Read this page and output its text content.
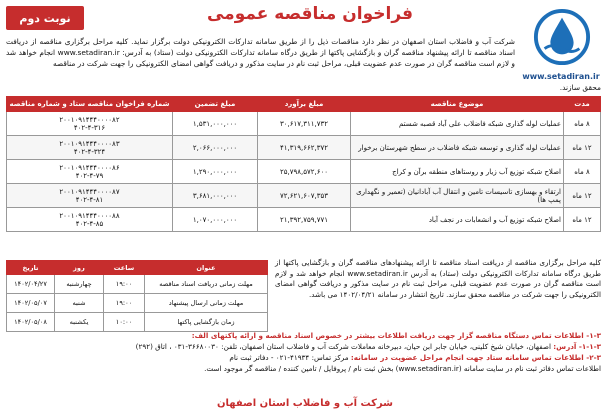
نوبت دوم	فراخوان مناقصه عمومی
www.setadiran.ir
شرکت آب و فاضلاب استان اصفهان در نظر دارد مناقصات ذیل را از طریق سامانه تدارکات الکترونیکی دولت برگزار نماید. کلیه مراحل برگزاری مناقصه از دریافت اسناد مناقصه تا ارائه پیشنهاد مناقصه گران و بازگشایی پاکتها از طریق درگاه سامانه تدارکات الکترونیکی دولت (ستاد) به آدرس: www.setadiran.ir انجام خواهد شد و لازم است مناقصه گران در صورت عدم عضویت قبلی، مراحل ثبت نام در سایت مذکور و دریافت گواهی امضای الکترونیکی را جهت شرکت در مناقصه
محقق سازند.
مدت	موضوع مناقصه	مبلغ برآورد	مبلغ تضمین	شماره فراخوان مناقصه ستاد و شماره مناقصه
۸ ماه	عملیات لوله گذاری شبکه فاضلاب علی آباد قصبه شستم	۳۰,۶۱۷,۳۱۱,۷۳۲	۱,۵۳۱,۰۰۰,۰۰۰	۲۰۰۱۰۹۱۴۴۴۰۰۰۰۸۲
۴۰۲-۴-۳۱۶

۱۲ ماه	عملیات لوله گذاری و توسعه شبکه فاضلاب در سطح شهرستان برخوار	۴۱,۳۱۹,۶۶۲,۳۷۲	۲,۰۶۶,۰۰۰,۰۰۰	۲۰۰۱۰۹۱۴۴۴۰۰۰۰۸۳
۴۰۲-۴-۳۲۴

۸ ماه	اصلاح شبکه توزیع آب زیار و روستاهای منطقه برآن و کراج	۲۵,۷۹۸,۵۷۲,۶۰۰	۱,۲۹۰,۰۰۰,۰۰۰	۲۰۰۱۰۹۱۴۴۴۰۰۰۰۸۶
۴۰۲-۴-۷۹

۱۲ ماه	ارتقاء و بهسازی تاسیسات تامین و انتقال آب آبادانیان (تعمیر و نگهداری پمپ ها)	۷۲,۶۲۱,۶۰۷,۳۵۳	۳,۶۸۱,۰۰۰,۰۰۰	۲۰۰۱۰۹۱۴۴۴۰۰۰۰۸۷
۴۰۲-۴-۸۱

۱۲ ماه	اصلاح شبکه توزیع آب و انشعابات در نجف آباد	۲۱,۳۹۲,۷۵۹,۷۷۱	۱,۰۷۰,۰۰۰,۰۰۰	۲۰۰۱۰۹۱۴۴۴۰۰۰۰۸۸
۴۰۲-۴-۸۵
کلیه مراحل برگزاری مناقصه از دریافت اسناد مناقصه تا ارائه پیشنهادهای مناقصه گران و بازگشایی پاکتها از طریق درگاه سامانه تدارکات الکترونیکی دولت (ستاد) به آدرس www.setadiran.ir انجام خواهد شد و لازم است مناقصه گران در صورت عدم عضویت قبلی، مراحل ثبت نام در سایت مذکور و دریافت گواهی امضای الکترونیکی را جهت شرکت در مناقصه محقق سازند. تاریخ انتشار در سامانه ۱۴۰۲/۰۴/۲۱ می باشد.
عنوان	ساعت	روز	تاریخ
مهلت زمانی دریافت اسناد مناقصه	۱۹:۰۰	چهارشنبه	۱۴۰۲/۰۴/۲۷
مهلت زمانی ارسال پیشنهاد	۱۹:۰۰	شنبه	۱۴۰۲/۰۵/۰۷
زمان بازگشایی پاکتها	۱۰:۰۰	یکشنبه	۱۴۰۲/۰۵/۰۸
۱-۳- اطلاعات تماس دستگاه مناقصه گزار جهت دریافت اطلاعات بیشتر در خصوص اسناد مناقصه و ارائه پاکتهای الف:
۱-۱-۳- آدرس: اصفهان، خیابان شیخ کلینی، خیابان جابر ابن حیان، دبیرخانه معاملات شرکت آب و فاضلاب استان اصفهان، تلفن: ۳۶۶۸۰۰۳۰-۰۳۱ ، اتاق (۲۹۲)
۲-۳- اطلاعات تماس سامانه ستاد جهت انجام مراحل عضویت در سامانه: مرکز تماس: ۴۱۹۳۴-۰۲۱ - دفاتر ثبت نام
اطلاعات تماس دفاتر ثبت نام در سایت سامانه (www.setadiran.ir) بخش ثبت نام / پروفایل / تامین کننده / مناقصه گر موجود است.
شرکت آب و فاضلاب استان اصفهان
